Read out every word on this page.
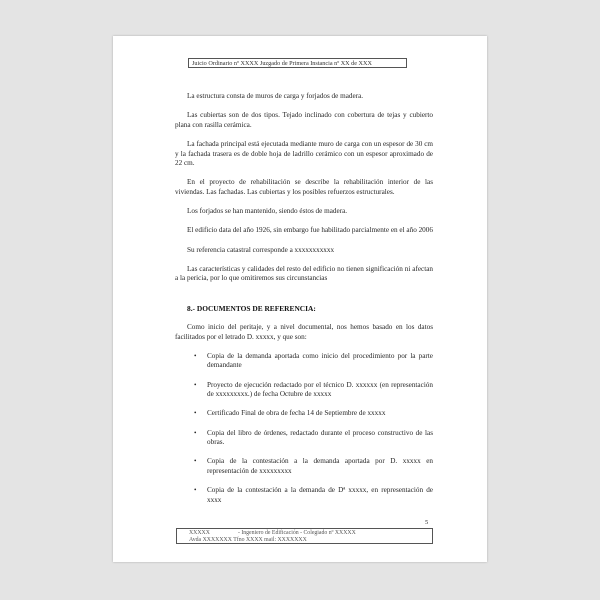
Juicio Ordinario nº XXXX Juzgado de Primera Instancia nº XX de XXX

La estructura consta de muros de carga y forjados de madera.

Las cubiertas son de dos tipos. Tejado inclinado con cobertura de tejas y cubierto plana con rasilla cerámica.

La fachada principal está ejecutada mediante muro de carga con un espesor de 30 cm y la fachada trasera es de doble hoja de ladrillo cerámico con un espesor aproximado de 22 cm.

En el proyecto de rehabilitación se describe la rehabilitación interior de las viviendas. Las fachadas. Las cubiertas y los posibles refuerzos estructurales.

Los forjados se han mantenido, siendo éstos de madera.

El edificio data del año 1926, sin embargo fue habilitado parcialmente en el año 2006

Su referencia catastral corresponde a xxxxxxxxxxx

Las características y calidades del resto del edificio no tienen significación ni afectan a la pericia, por lo que omitiremos sus circunstancias

8.- DOCUMENTOS DE REFERENCIA:

Como inicio del peritaje, y a nivel documental, nos hemos basado en los datos facilitados por el letrado D. xxxxx, y que son:

• Copia de la demanda aportada como inicio del procedimiento por la parte demandante
• Proyecto de ejecución redactado por el técnico D. xxxxxx (en representación de xxxxxxxxx.) de fecha Octubre de xxxxx
• Certificado Final de obra de fecha 14 de Septiembre de xxxxx
• Copia del libro de órdenes, redactado durante el proceso constructivo de las obras.
• Copia de la contestación a la demanda aportada por D. xxxxx en representación de xxxxxxxxx
• Copia de la contestación a la demanda de Dª xxxxx, en representación de xxxx
5
XXXXX	- Ingeniero de Edificación - Colegiado nº XXXXX
Avda XXXXXXX Tfno XXXX mail: XXXXXXX
